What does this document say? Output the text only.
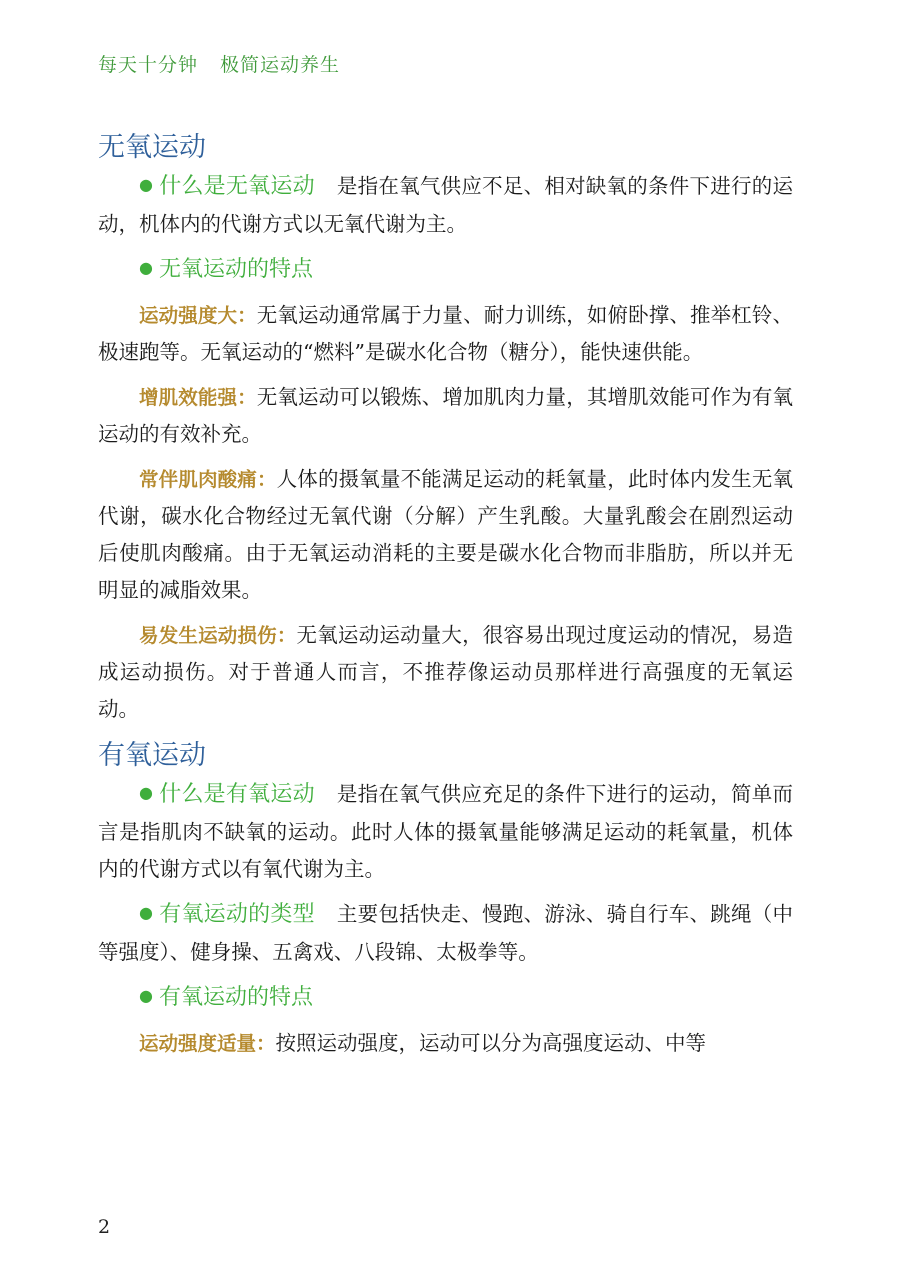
每天十分钟 极简运动养生
无氧运动

● 什么是无氧运动 是指在氧气供应不足、相对缺氧的条件下进行的运动，机体内的代谢方式以无氧代谢为主。

● 无氧运动的特点

运动强度大：无氧运动通常属于力量、耐力训练，如俯卧撑、推举杠铃、极速跑等。无氧运动的“燃料”是碳水化合物（糖分），能快速供能。

增肌效能强：无氧运动可以锻炼、增加肌肉力量，其增肌效能可作为有氧运动的有效补充。

常伴肌肉酸痛：人体的摄氧量不能满足运动的耗氧量，此时体内发生无氧代谢，碳水化合物经过无氧代谢（分解）产生乳酸。大量乳酸会在剧烈运动后使肌肉酸痛。由于无氧运动消耗的主要是碳水化合物而非脂肪，所以并无明显的减脂效果。

易发生运动损伤：无氧运动运动量大，很容易出现过度运动的情况，易造成运动损伤。对于普通人而言，不推荐像运动员那样进行高强度的无氧运动。

有氧运动

● 什么是有氧运动 是指在氧气供应充足的条件下进行的运动，简单而言是指肌肉不缺氧的运动。此时人体的摄氧量能够满足运动的耗氧量，机体内的代谢方式以有氧代谢为主。

● 有氧运动的类型 主要包括快走、慢跑、游泳、骑自行车、跳绳（中等强度）、健身操、五禽戏、八段锦、太极拳等。

● 有氧运动的特点

运动强度适量：按照运动强度，运动可以分为高强度运动、中等

2
